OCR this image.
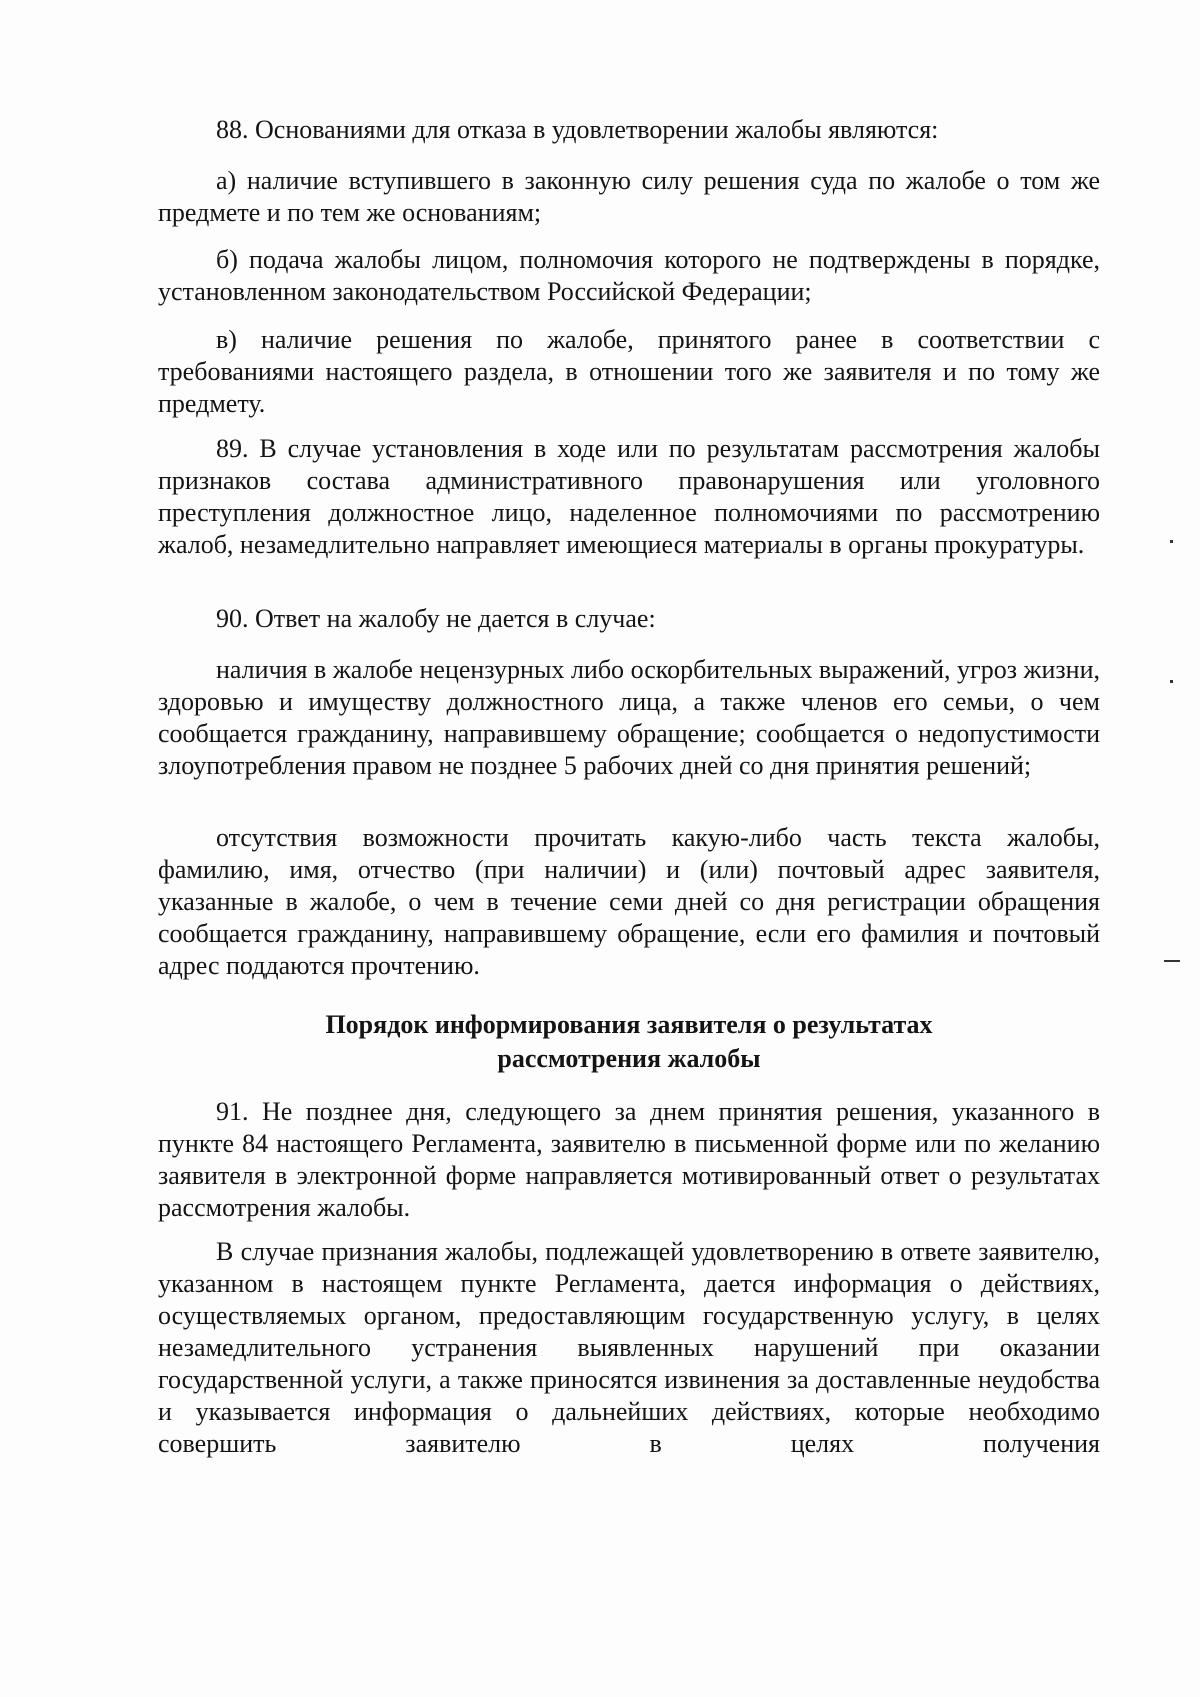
88. Основаниями для отказа в удовлетворении жалобы являются:

а) наличие вступившего в законную силу решения суда по жалобе о том же предмете и по тем же основаниям;

б) подача жалобы лицом, полномочия которого не подтверждены в порядке, установленном законодательством Российской Федерации;

в) наличие решения по жалобе, принятого ранее в соответствии с требованиями настоящего раздела, в отношении того же заявителя и по тому же предмету.

89. В случае установления в ходе или по результатам рассмотрения жалобы признаков состава административного правонарушения или уголовного преступления должностное лицо, наделенное полномочиями по рассмотрению жалоб, незамедлительно направляет имеющиеся материалы в органы прокуратуры.

90. Ответ на жалобу не дается в случае:

наличия в жалобе нецензурных либо оскорбительных выражений, угроз жизни, здоровью и имуществу должностного лица, а также членов его семьи, о чем сообщается гражданину, направившему обращение; сообщается о недопустимости злоупотребления правом не позднее 5 рабочих дней со дня принятия решений;

отсутствия возможности прочитать какую-либо часть текста жалобы, фамилию, имя, отчество (при наличии) и (или) почтовый адрес заявителя, указанные в жалобе, о чем в течение семи дней со дня регистрации обращения сообщается гражданину, направившему обращение, если его фамилия и почтовый адрес поддаются прочтению.

Порядок информирования заявителя о результатах
рассмотрения жалобы

91. Не позднее дня, следующего за днем принятия решения, указанного в пункте 84 настоящего Регламента, заявителю в письменной форме или по желанию заявителя в электронной форме направляется мотивированный ответ о результатах рассмотрения жалобы.

В случае признания жалобы, подлежащей удовлетворению в ответе заявителю, указанном в настоящем пункте Регламента, дается информация о действиях, осуществляемых органом, предоставляющим государственную услугу, в целях незамедлительного устранения выявленных нарушений при оказании государственной услуги, а также приносятся извинения за доставленные неудобства и указывается информация о дальнейших действиях, которые необходимо совершить заявителю в целях получения
